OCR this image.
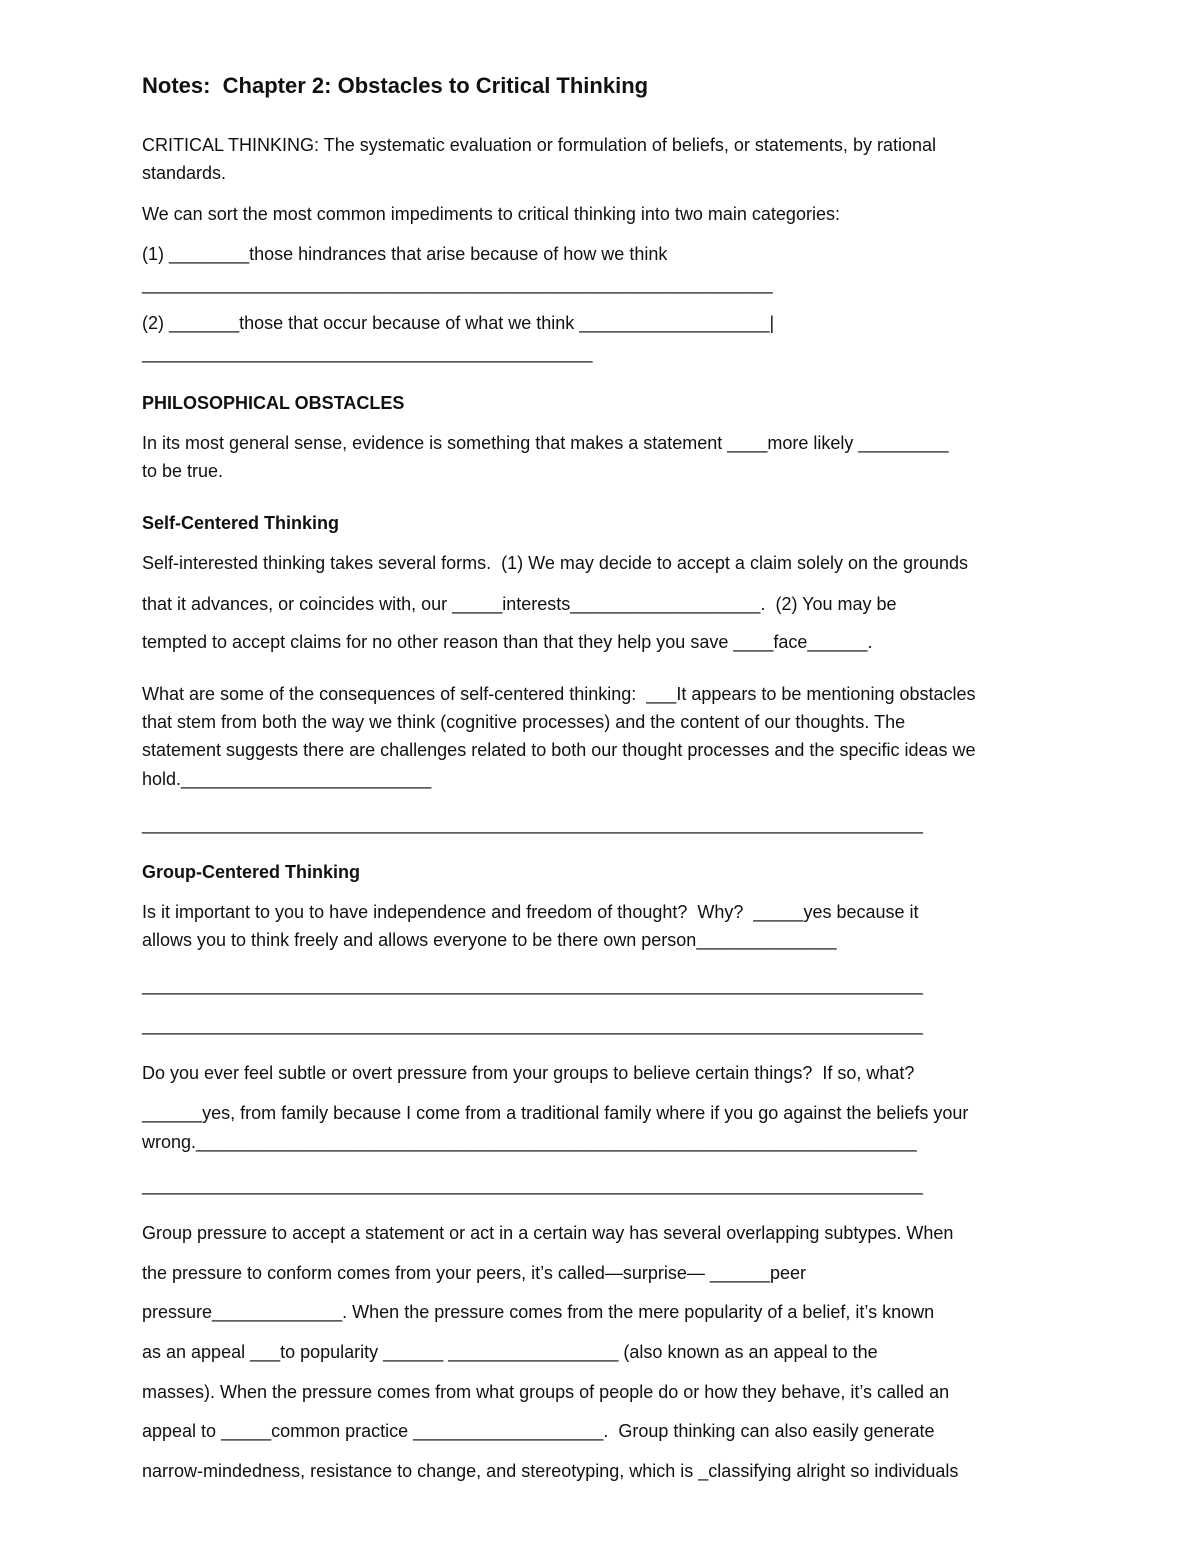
Notes:  Chapter 2: Obstacles to Critical Thinking
CRITICAL THINKING: The systematic evaluation or formulation of beliefs, or statements, by rational
standards.
We can sort the most common impediments to critical thinking into two main categories:
(1) ________those hindrances that arise because of how we think
_______________________________________________________________
(2) _______those that occur because of what we think ___________________|
_____________________________________________
PHILOSOPHICAL OBSTACLES
In its most general sense, evidence is something that makes a statement ____more likely _________
to be true.
Self-Centered Thinking
Self-interested thinking takes several forms.  (1) We may decide to accept a claim solely on the grounds
that it advances, or coincides with, our _____interests___________________.  (2) You may be
tempted to accept claims for no other reason than that they help you save ____face______.
What are some of the consequences of self-centered thinking:  ___It appears to be mentioning obstacles
that stem from both the way we think (cognitive processes) and the content of our thoughts. The
statement suggests there are challenges related to both our thought processes and the specific ideas we
hold._________________________
______________________________________________________________________________
Group-Centered Thinking
Is it important to you to have independence and freedom of thought?  Why?  _____yes because it
allows you to think freely and allows everyone to be there own person______________
______________________________________________________________________________
______________________________________________________________________________
Do you ever feel subtle or overt pressure from your groups to believe certain things?  If so, what?
______yes, from family because I come from a traditional family where if you go against the beliefs your
wrong.________________________________________________________________________
______________________________________________________________________________
Group pressure to accept a statement or act in a certain way has several overlapping subtypes. When
the pressure to conform comes from your peers, it’s called—surprise— ______peer
pressure_____________. When the pressure comes from the mere popularity of a belief, it’s known
as an appeal ___to popularity ______ _________________ (also known as an appeal to the
masses). When the pressure comes from what groups of people do or how they behave, it’s called an
appeal to _____common practice ___________________.  Group thinking can also easily generate
narrow-mindedness, resistance to change, and stereotyping, which is _classifying alright so individuals
